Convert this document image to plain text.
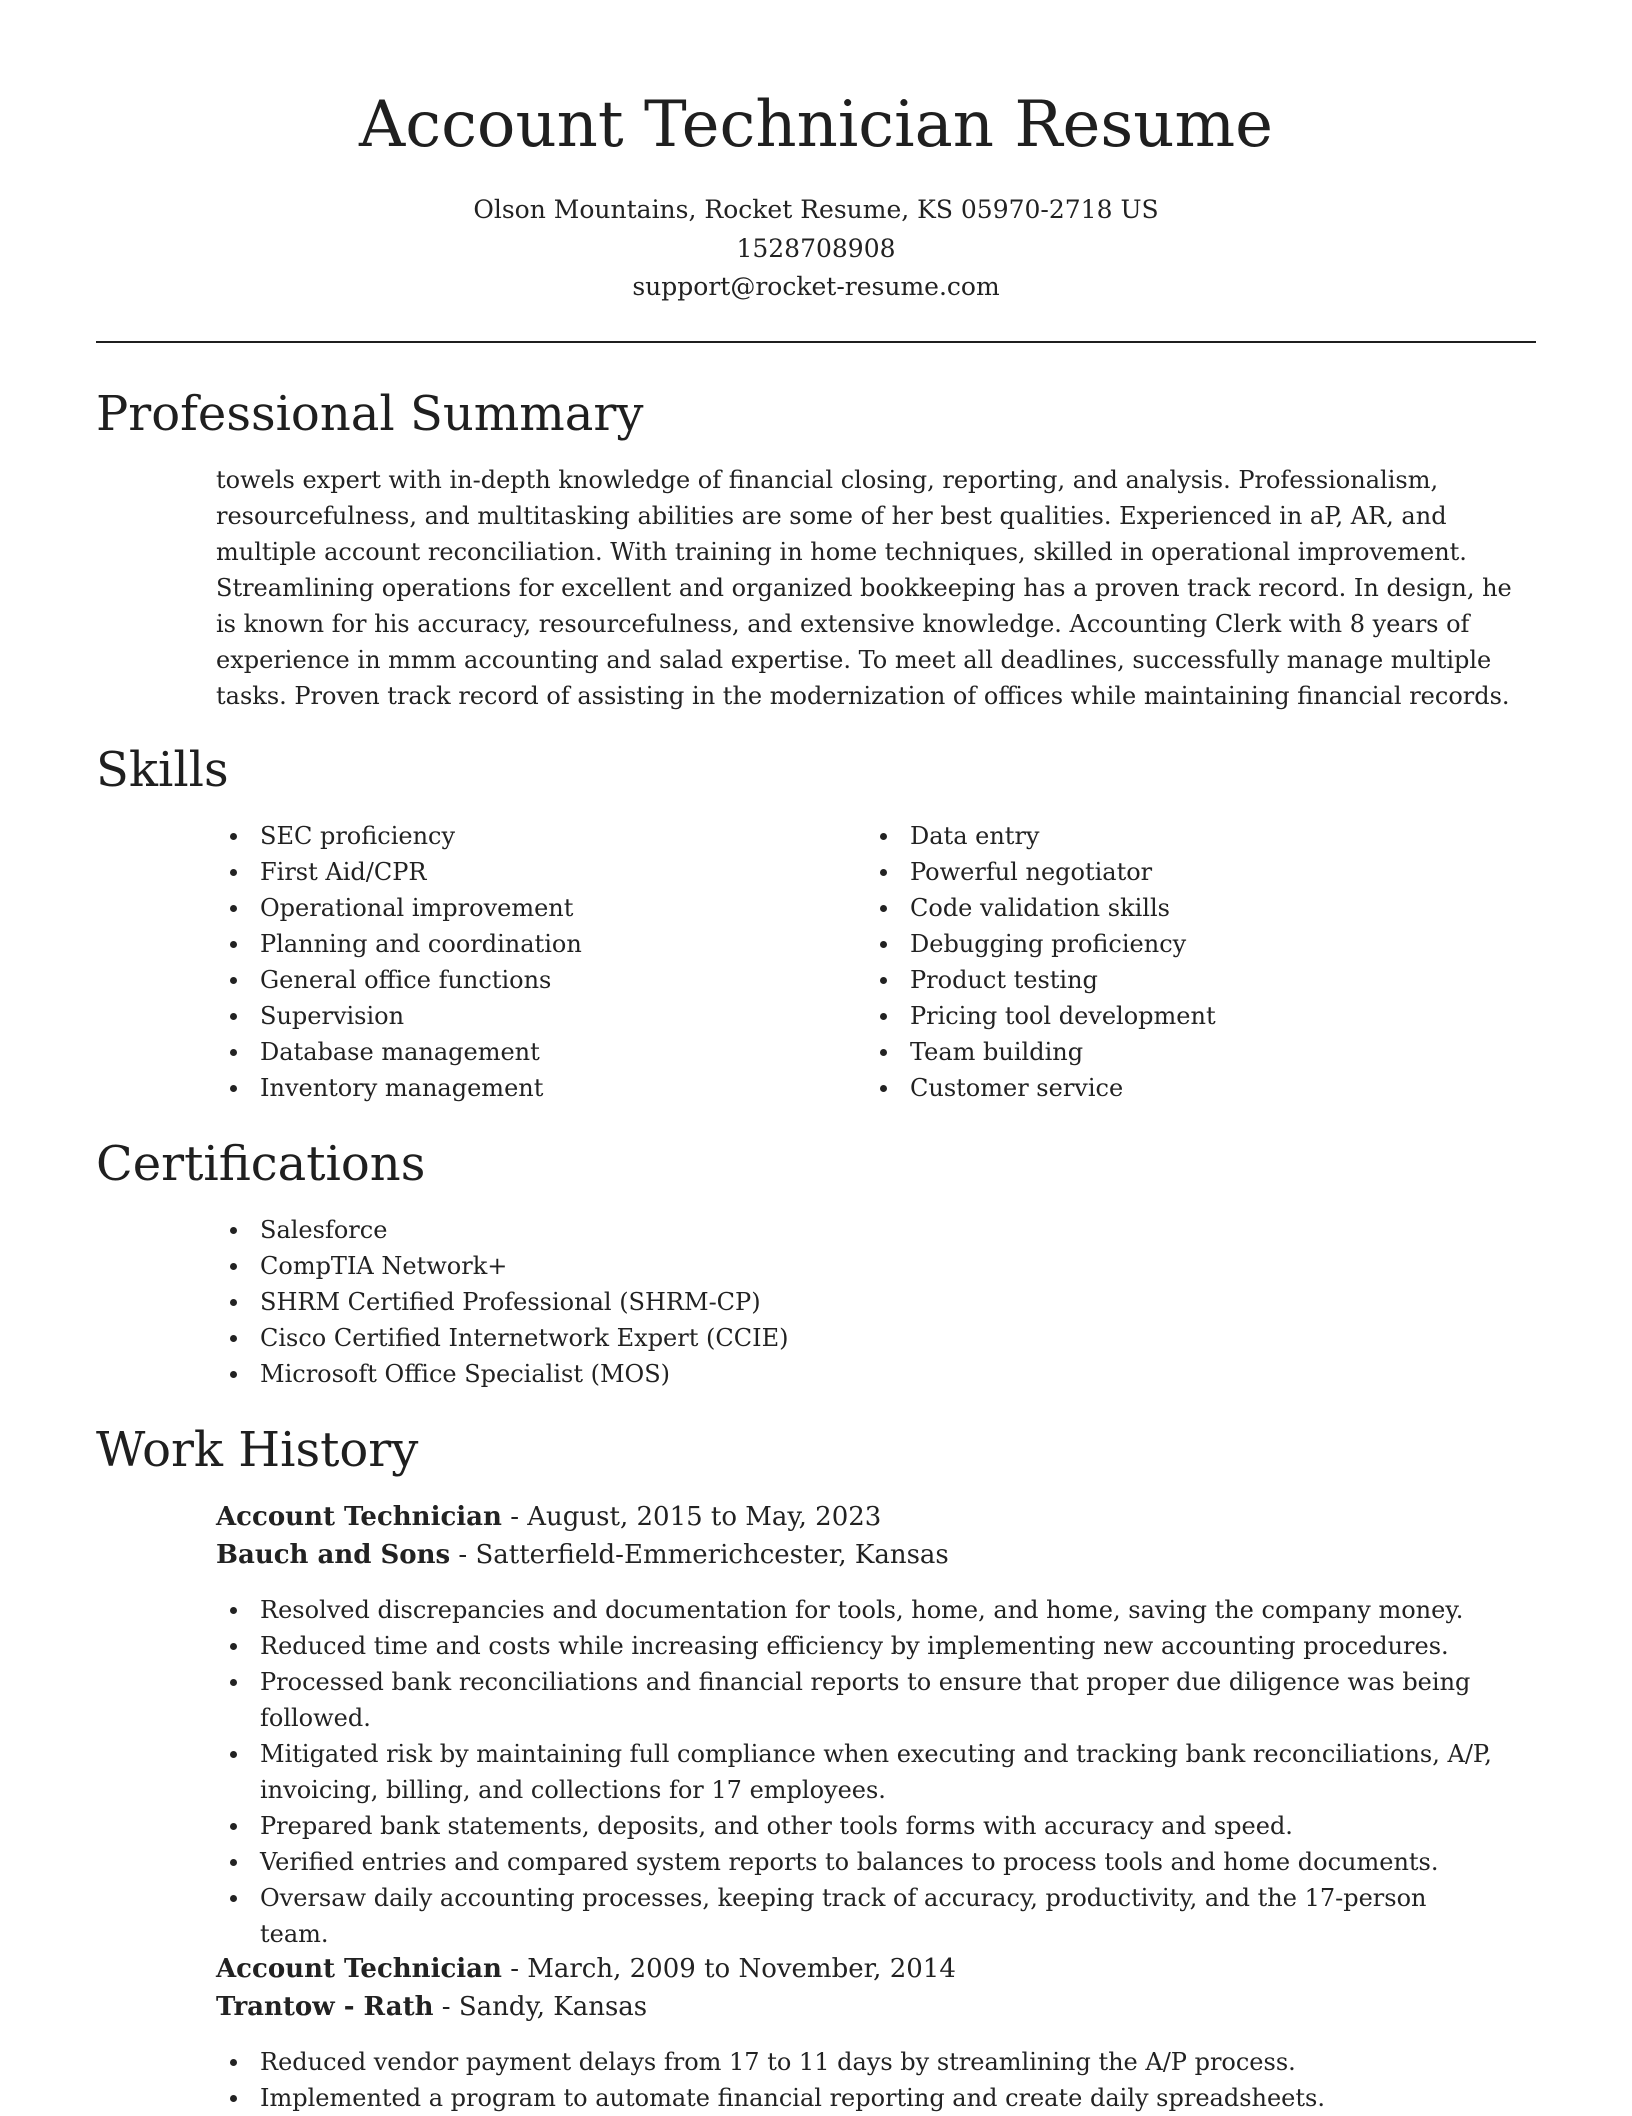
Account Technician Resume
Olson Mountains, Rocket Resume, KS 05970-2718 US
1528708908
support@rocket-resume.com
Professional Summary

towels expert with in-depth knowledge of financial closing, reporting, and analysis. Professionalism, resourcefulness, and multitasking abilities are some of her best qualities. Experienced in aP, AR, and multiple account reconciliation. With training in home techniques, skilled in operational improvement. Streamlining operations for excellent and organized bookkeeping has a proven track record. In design, he is known for his accuracy, resourcefulness, and extensive knowledge. Accounting Clerk with 8 years of experience in mmm accounting and salad expertise. To meet all deadlines, successfully manage multiple tasks. Proven track record of assisting in the modernization of offices while maintaining financial records.

Skills
SEC proficiency
First Aid/CPR
Operational improvement
Planning and coordination
General office functions
Supervision
Database management
Inventory management
Data entry
Powerful negotiator
Code validation skills
Debugging proficiency
Product testing
Pricing tool development
Team building
Customer service
Certifications
Salesforce
CompTIA Network+
SHRM Certified Professional (SHRM-CP)
Cisco Certified Internetwork Expert (CCIE)
Microsoft Office Specialist (MOS)
Work History
Account Technician - August, 2015 to May, 2023
Bauch and Sons - Satterfield-Emmerichcester, Kansas
Resolved discrepancies and documentation for tools, home, and home, saving the company money.
Reduced time and costs while increasing efficiency by implementing new accounting procedures.
Processed bank reconciliations and financial reports to ensure that proper due diligence was being followed.
Mitigated risk by maintaining full compliance when executing and tracking bank reconciliations, A/P, invoicing, billing, and collections for 17 employees.
Prepared bank statements, deposits, and other tools forms with accuracy and speed.
Verified entries and compared system reports to balances to process tools and home documents.
Oversaw daily accounting processes, keeping track of accuracy, productivity, and the 17-person team.
Account Technician - March, 2009 to November, 2014
Trantow - Rath - Sandy, Kansas
Reduced vendor payment delays from 17 to 11 days by streamlining the A/P process.
Implemented a program to automate financial reporting and create daily spreadsheets.
